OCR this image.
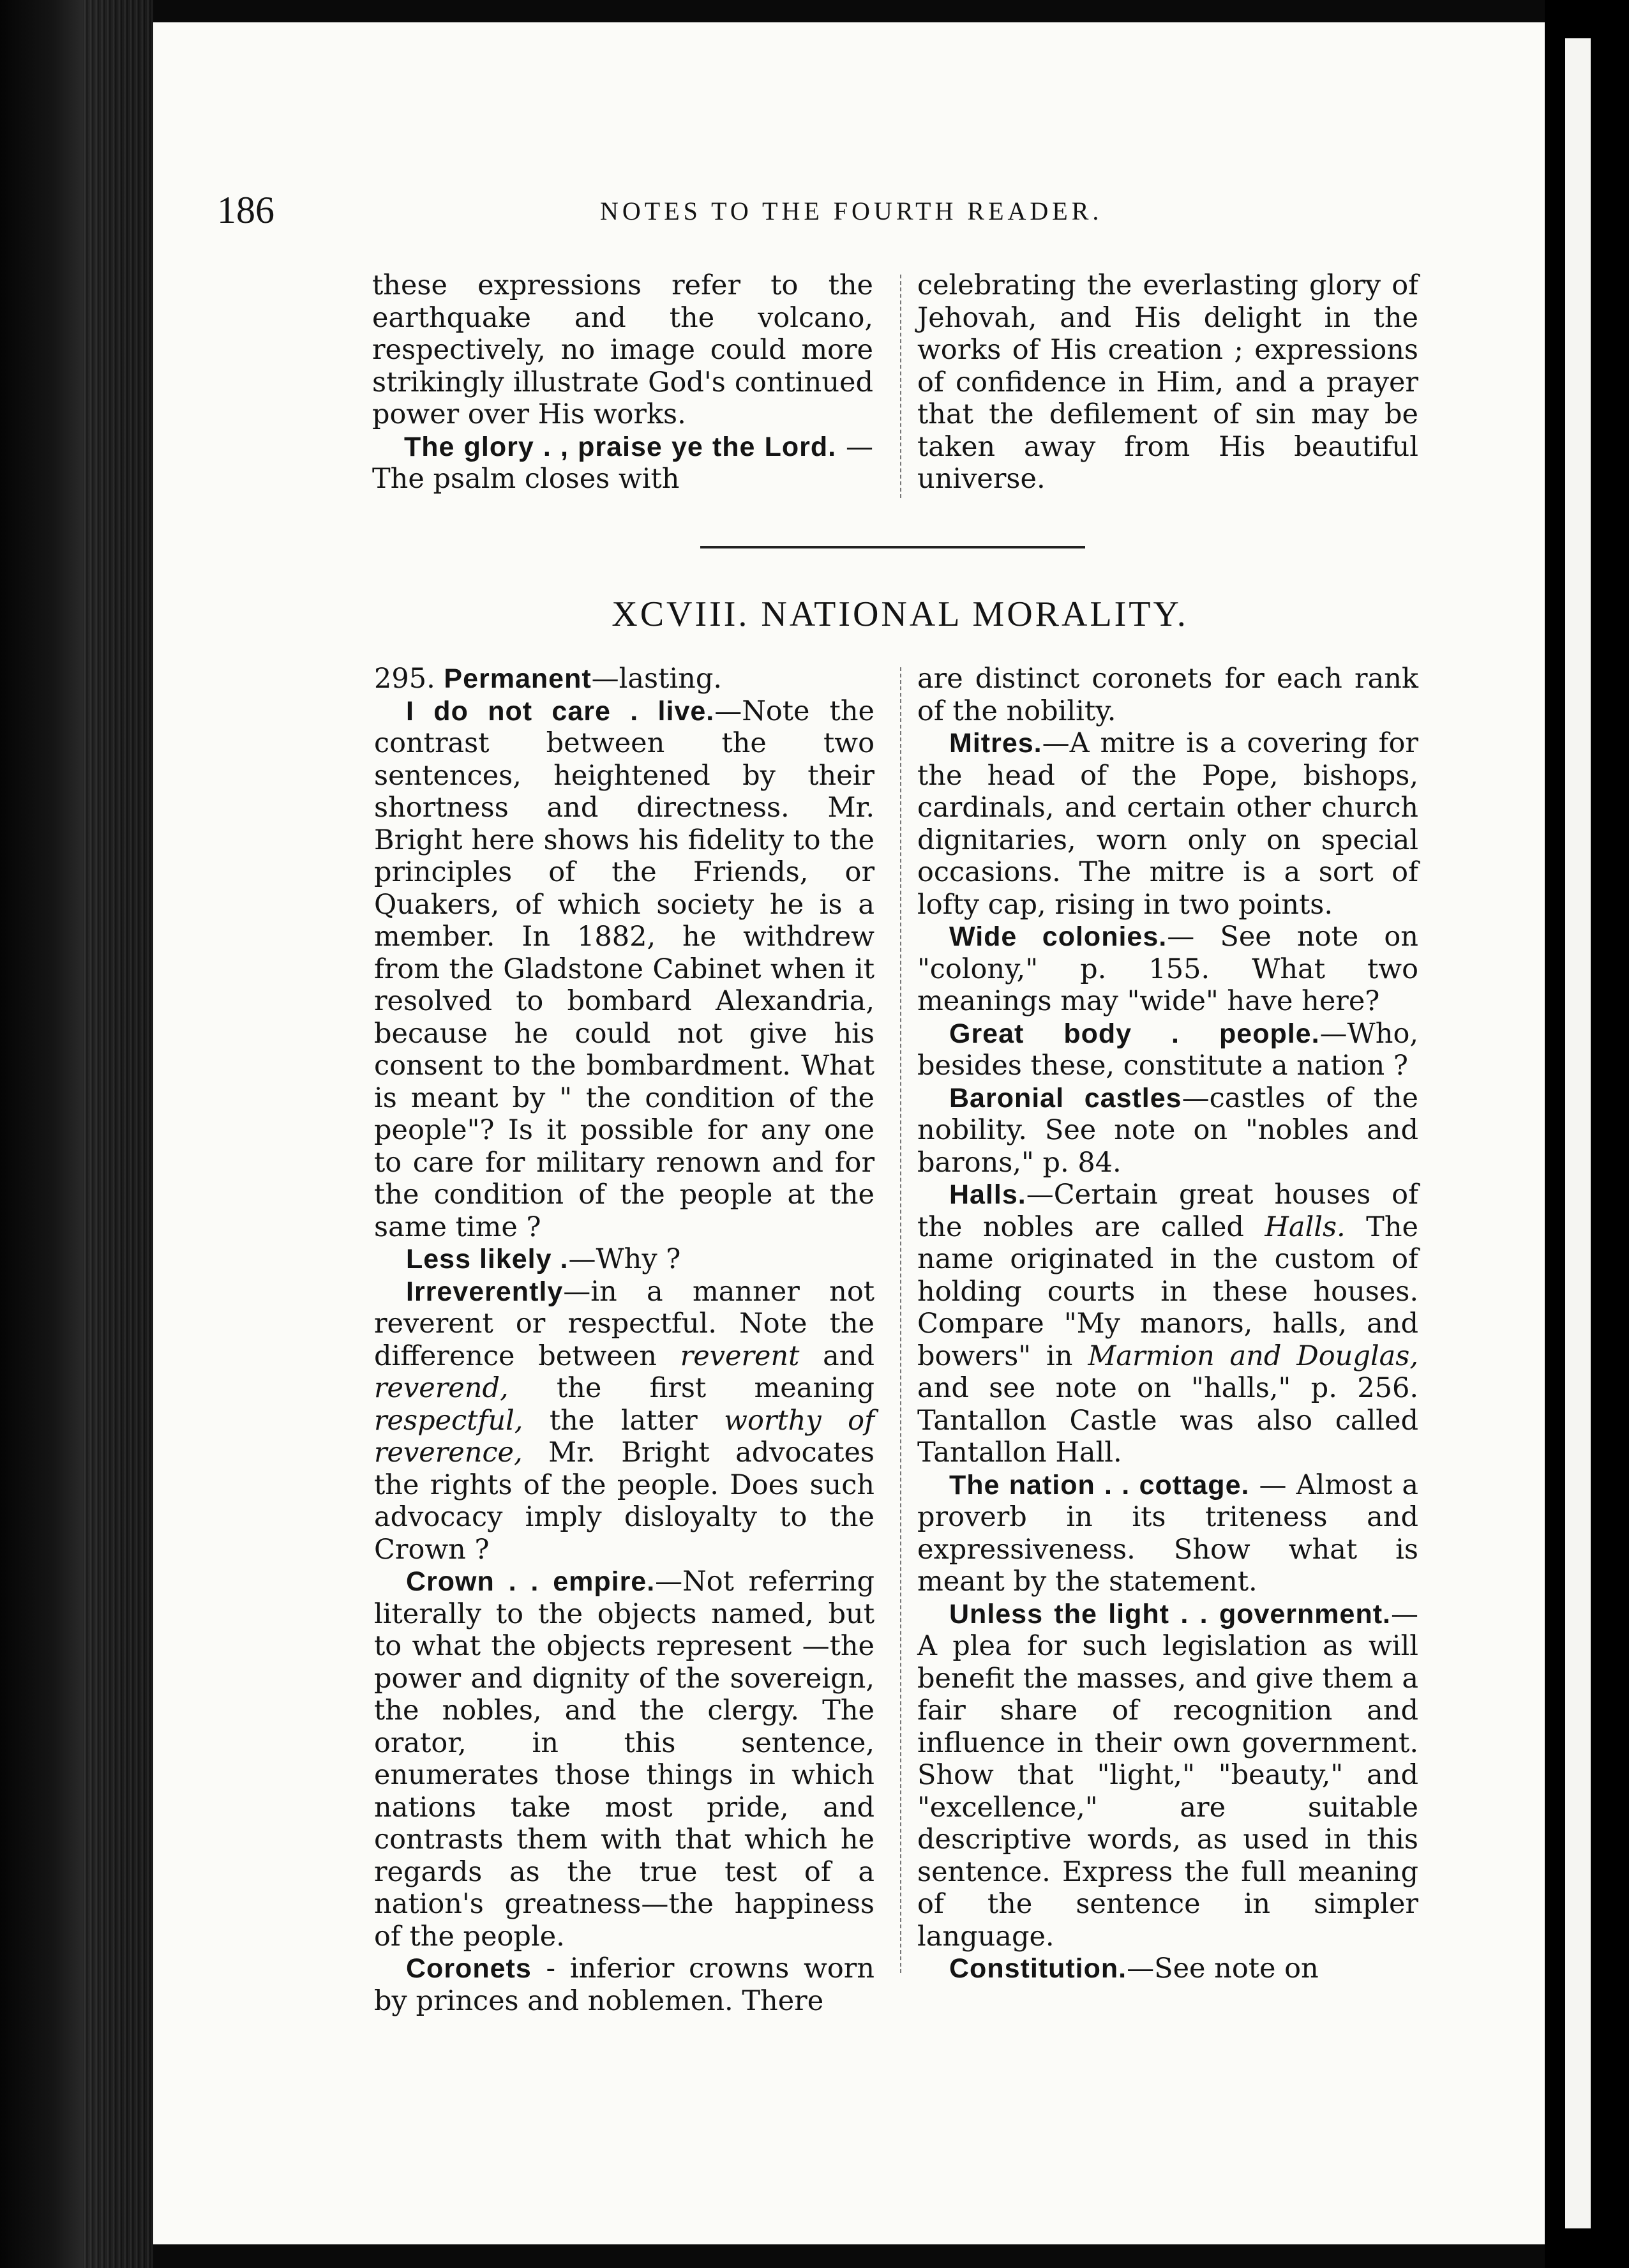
186	NOTES TO THE FOURTH READER.

these expressions refer to the earthquake and the volcano, respectively, no image could more strikingly illustrate God's continued power over His works.

The glory . , praise ye the Lord. — The psalm closes with

celebrating the everlasting glory of Jehovah, and His delight in the works of His creation ; expressions of confidence in Him, and a prayer that the defilement of sin may be taken away from His beautiful universe.

XCVIII. NATIONAL MORALITY.

295. Permanent—lasting.

I do not care . live.—Note the contrast between the two sentences, heightened by their shortness and directness. Mr. Bright here shows his fidelity to the principles of the Friends, or Quakers, of which society he is a member. In 1882, he withdrew from the Gladstone Cabinet when it resolved to bombard Alexandria, because he could not give his consent to the bombardment. What is meant by " the condition of the people"? Is it possible for any one to care for military renown and for the condition of the people at the same time ?

Less likely .—Why ?

Irreverently—in a manner not reverent or respectful. Note the difference between reverent and reverend, the first meaning respectful, the latter worthy of reverence, Mr. Bright advocates the rights of the people. Does such advocacy imply disloyalty to the Crown ?

Crown . . empire.—Not referring literally to the objects named, but to what the objects represent —the power and dignity of the sovereign, the nobles, and the clergy. The orator, in this sentence, enumerates those things in which nations take most pride, and contrasts them with that which he regards as the true test of a nation's greatness—the happiness of the people.

Coronets - inferior crowns worn by princes and noblemen. There

are distinct coronets for each rank of the nobility.

Mitres.—A mitre is a covering for the head of the Pope, bishops, cardinals, and certain other church dignitaries, worn only on special occasions. The mitre is a sort of lofty cap, rising in two points.

Wide colonies.— See note on "colony," p. 155. What two meanings may "wide" have here?

Great body . people.—Who, besides these, constitute a nation ?

Baronial castles—castles of the nobility. See note on "nobles and barons," p. 84.

Halls.—Certain great houses of the nobles are called Halls. The name originated in the custom of holding courts in these houses. Compare "My manors, halls, and bowers" in Marmion and Douglas, and see note on "halls," p. 256. Tantallon Castle was also called Tantallon Hall.

The nation . . cottage. — Almost a proverb in its triteness and expressiveness. Show what is meant by the statement.

Unless the light . . government.—A plea for such legislation as will benefit the masses, and give them a fair share of recognition and influence in their own government. Show that "light," "beauty," and "excellence," are suitable descriptive words, as used in this sentence. Express the full meaning of the sentence in simpler language.

Constitution.—See note on
